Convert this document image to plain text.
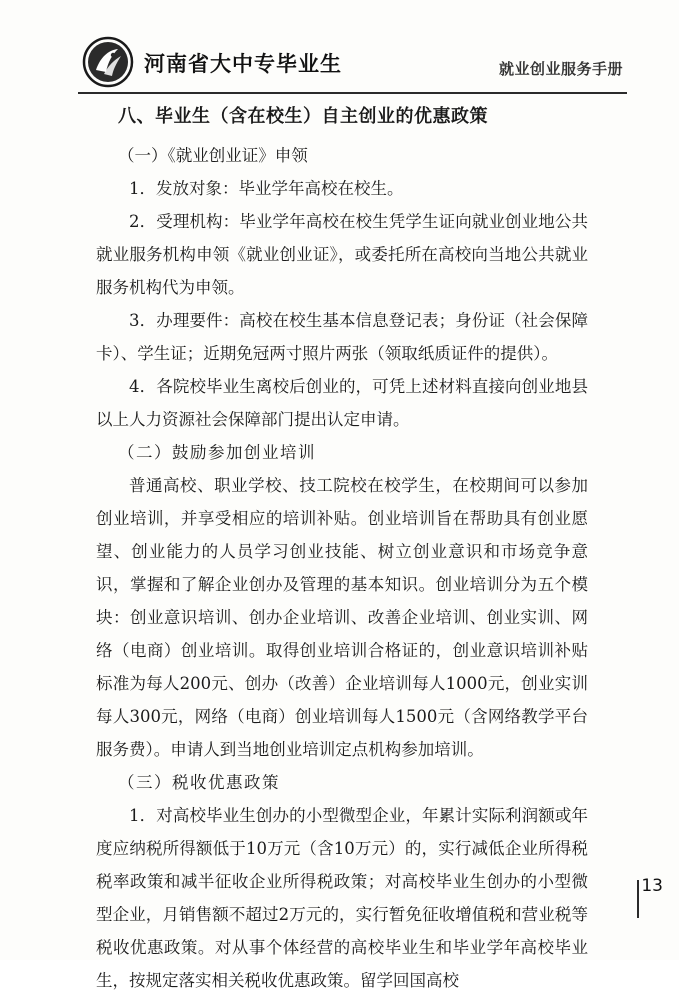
河南省大中专毕业生	就业创业服务手册
八、毕业生（含在校生）自主创业的优惠政策
（一）《就业创业证》申领

1．发放对象：毕业学年高校在校生。

2．受理机构：毕业学年高校在校生凭学生证向就业创业地公共就业服务机构申领《就业创业证》，或委托所在高校向当地公共就业服务机构代为申领。

3．办理要件：高校在校生基本信息登记表；身份证（社会保障卡）、学生证；近期免冠两寸照片两张（领取纸质证件的提供）。

4．各院校毕业生离校后创业的，可凭上述材料直接向创业地县以上人力资源社会保障部门提出认定申请。

（二）鼓励参加创业培训

普通高校、职业学校、技工院校在校学生，在校期间可以参加创业培训，并享受相应的培训补贴。创业培训旨在帮助具有创业愿望、创业能力的人员学习创业技能、树立创业意识和市场竞争意识，掌握和了解企业创办及管理的基本知识。创业培训分为五个模块：创业意识培训、创办企业培训、改善企业培训、创业实训、网络（电商）创业培训。取得创业培训合格证的，创业意识培训补贴标准为每人200元、创办（改善）企业培训每人1000元，创业实训每人300元，网络（电商）创业培训每人1500元（含网络教学平台服务费）。申请人到当地创业培训定点机构参加培训。

（三）税收优惠政策

1．对高校毕业生创办的小型微型企业，年累计实际利润额或年度应纳税所得额低于10万元（含10万元）的，实行减低企业所得税税率政策和减半征收企业所得税政策；对高校毕业生创办的小型微型企业，月销售额不超过2万元的，实行暂免征收增值税和营业税等税收优惠政策。对从事个体经营的高校毕业生和毕业学年高校毕业生，按规定落实相关税收优惠政策。留学回国高校

13
